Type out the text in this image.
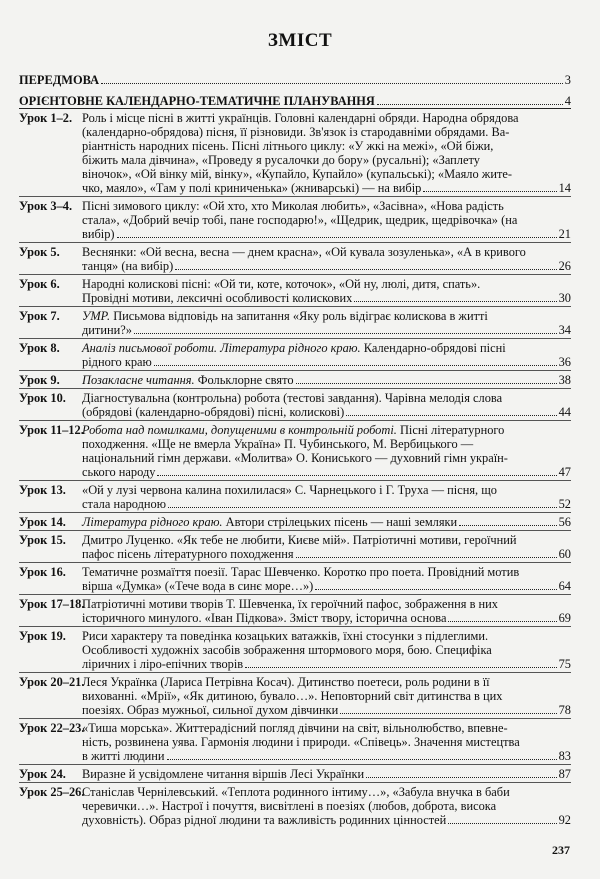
ЗМІСТ
ПЕРЕДМОВА	3
ОРІЄНТОВНЕ КАЛЕНДАРНО-ТЕМАТИЧНЕ ПЛАНУВАННЯ	4
Урок 1–2. Роль і місце пісні в житті українців. Головні календарні обряди. Народна обрядова
(календарно-обрядова) пісня, її різновиди. Зв'язок із стародавніми обрядами. Ва-
ріантність народних пісень. Пісні літнього циклу: «У жкі на межі», «Ой біжи,
біжить мала дівчина», «Проведу я русалочки до бору» (русальні); «Заплету
віночок», «Ой вінку мій, вінку», «Купайло, Купайло» (купальські); «Маяло жите-
чко, маяло», «Там у полі криниченька» (жниварські) — на вибір	14
Урок 3–4. Пісні зимового циклу: «Ой хто, хто Миколая любить», «Засівна», «Нова радість
стала», «Добрий вечір тобі, пане господарю!», «Щедрик, щедрик, щедрівочка» (на
вибір)	21
Урок 5.	Веснянки: «Ой весна, весна — днем красна», «Ой кувала зозуленька», «А в кривого
танця» (на вибір)	26
Урок 6.	Народні колискові пісні: «Ой ти, коте, коточок», «Ой ну, люлі, дитя, спать».
Провідні мотиви, лексичні особливості колискових	30
Урок 7.	УМР. Письмова відповідь на запитання «Яку роль відіграє колискова в житті
дитини?»	34
Урок 8.	Аналіз письмової роботи. Література рідного краю. Календарно-обрядові пісні
рідного краю	36
Урок 9.	Позакласне читання. Фольклорне свято	38
Урок 10.	Діагностувальна (контрольна) робота (тестові завдання). Чарівна мелодія слова
(обрядові (календарно-обрядові) пісні, колискові)	44
Урок 11–12.
Робота над помилками, допущеними в контрольній роботі. Пісні літературного
походження. «Ще не вмерла Україна» П. Чубинського, М. Вербицького —
національний гімн держави. «Молитва» О. Кониського — духовний гімн україн-
ського народу	47
Урок 13.	«Ой у лузі червона калина похилилася» С. Чарнецького і Г. Труха — пісня, що
стала народною	52
Урок 14.	Література рідного краю. Автори стрілецьких пісень — наші земляки	56
Урок 15.	Дмитро Луценко. «Як тебе не любити, Києве мій». Патріотичні мотиви, героїчний
пафос пісень літературного походження	60
Урок 16.	Тематичне розмаїття поезії. Тарас Шевченко. Коротко про поета. Провідний мотив
вірша «Думка» («Тече вода в синє море…»)	64
Урок 17–18.
Патріотичні мотиви творів Т. Шевченка, їх героїчний пафос, зображення в них
історичного минулого. «Іван Підкова». Зміст твору, історична основа	69
Урок 19.	Риси характеру та поведінка козацьких ватажків, їхні стосунки з підлеглими.
Особливості художніх засобів зображення штормового моря, бою. Специфіка
ліричних і ліро-епічних творів	75
Урок 20–21.
Леся Українка (Лариса Петрівна Косач). Дитинство поетеси, роль родини в її
вихованні. «Мрії», «Як дитиною, бувало…». Неповторний світ дитинства в цих
поезіях. Образ мужньої, сильної духом дівчинки	78
Урок 22–23.
«Тиша морська». Життерадісний погляд дівчини на світ, вільнолюбство, впевне-
ність, розвинена уява. Гармонія людини і природи. «Співець». Значення мистецтва
в житті людини	83
Урок 24.	Виразне й усвідомлене читання віршів Лесі Українки	87
Урок 25–26.
Станіслав Чернілевський. «Теплота родинного інтиму…», «Забула внучка в баби
черевички…». Настрої і почуття, висвітлені в поезіях (любов, доброта, висока
духовність). Образ рідної людини та важливість родинних цінностей	92
237
